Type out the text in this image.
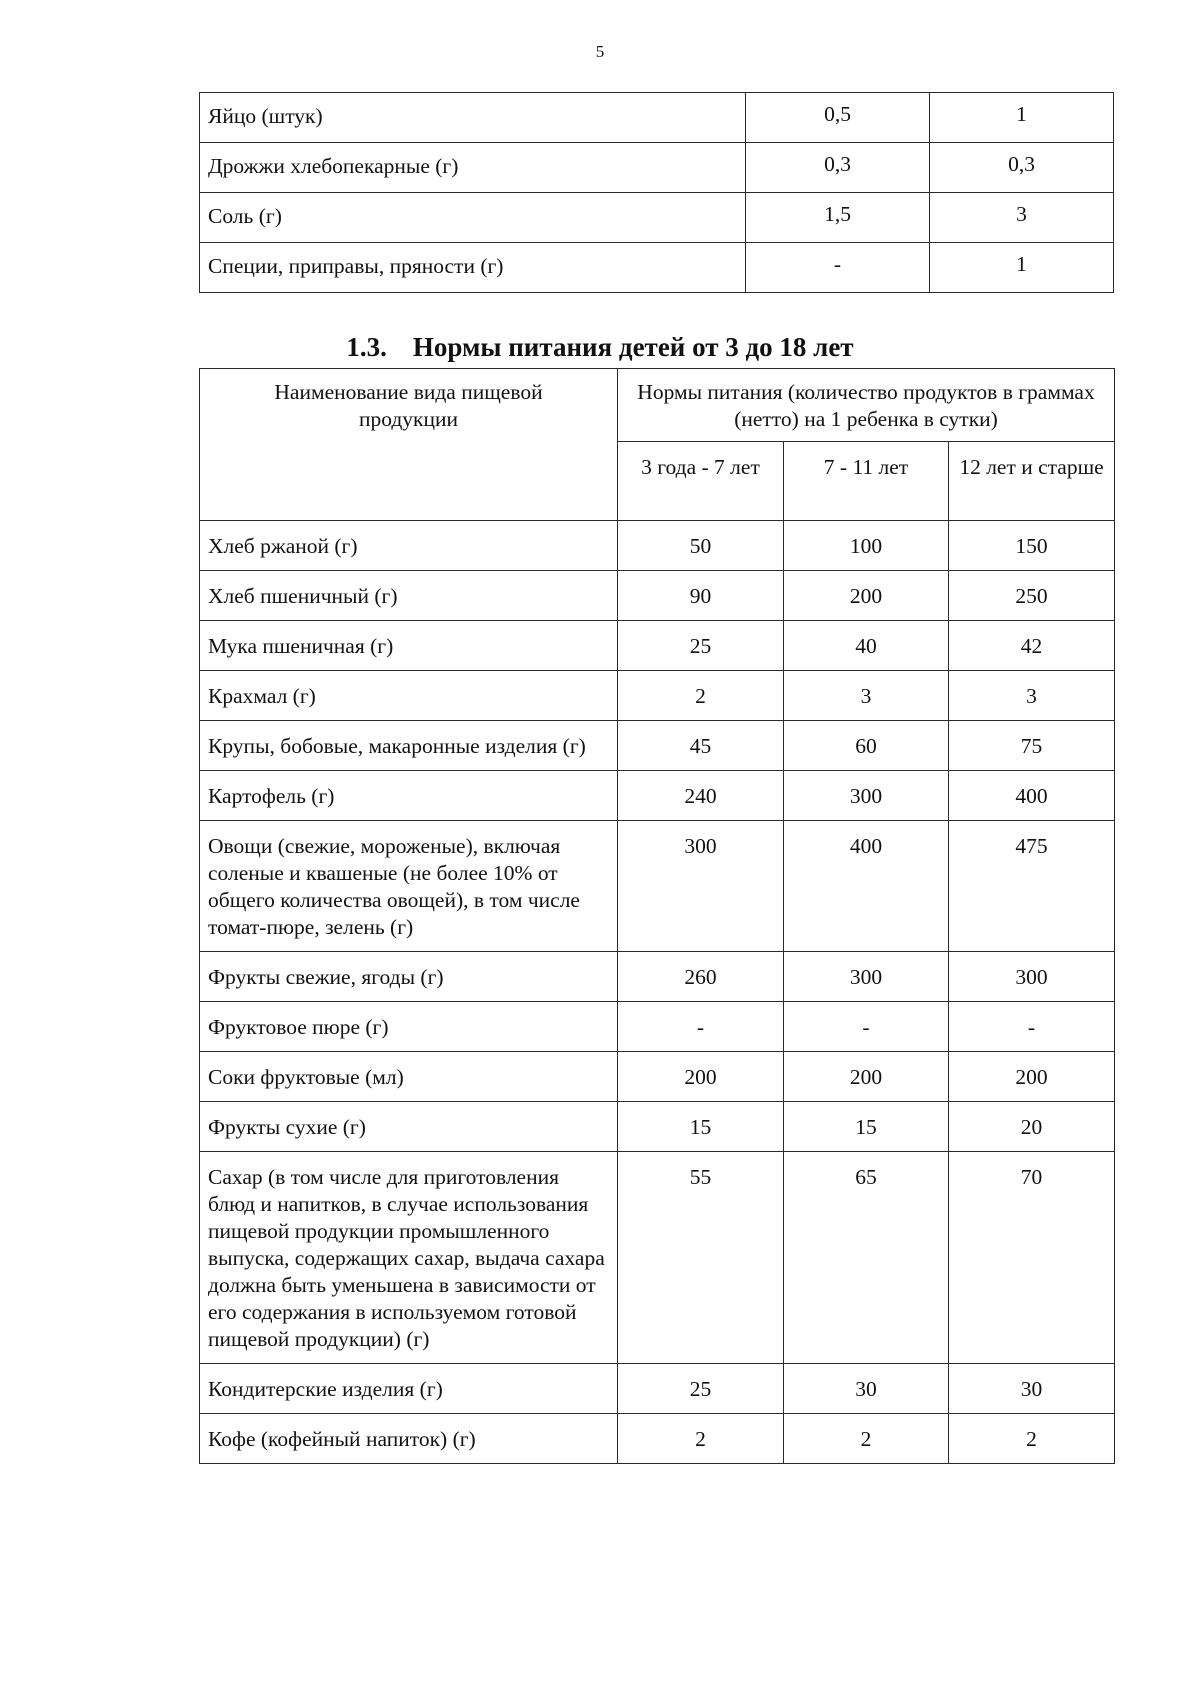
5
Яйцо (штук)	0,5	1
Дрожжи хлебопекарные (г)	0,3	0,3
Соль (г)	1,5	3
Специи, приправы, пряности (г)	-	1
1.3. Нормы питания детей от 3 до 18 лет
Наименование вида пищевой продукции	Нормы питания (количество продуктов в граммах (нетто) на 1 ребенка в сутки)		
	3 года - 7 лет	7 - 11 лет	12 лет и старше
Хлеб ржаной (г)	50	100	150
Хлеб пшеничный (г)	90	200	250
Мука пшеничная (г)	25	40	42
Крахмал (г)	2	3	3
Крупы, бобовые, макаронные изделия (г)	45	60	75
Картофель (г)	240	300	400
Овощи (свежие, мороженые), включая соленые и квашеные (не более 10% от общего количества овощей), в том числе томат-пюре, зелень (г)	300	400	475
Фрукты свежие, ягоды (г)	260	300	300
Фруктовое пюре (г)	-	-	-
Соки фруктовые (мл)	200	200	200
Фрукты сухие (г)	15	15	20
Сахар (в том числе для приготовления блюд и напитков, в случае использования пищевой продукции промышленного выпуска, содержащих сахар, выдача сахара должна быть уменьшена в зависимости от его содержания в используемом готовой пищевой продукции) (г)	55	65	70
Кондитерские изделия (г)	25	30	30
Кофе (кофейный напиток) (г)	2	2	2
